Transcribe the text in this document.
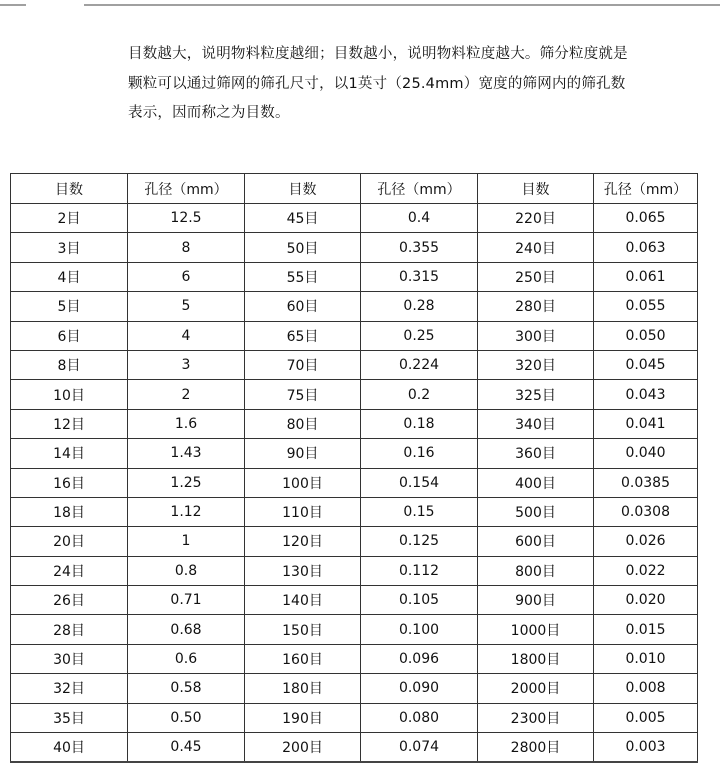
目数越大，说明物料粒度越细；目数越小，说明物料粒度越大。筛分粒度就是

颗粒可以通过筛网的筛孔尺寸，以1英寸（25.4mm）宽度的筛网内的筛孔数

表示，因而称之为目数。

目数	孔径（mm）	目数	孔径（mm）	目数	孔径（mm）
2目	12.5	45目	0.4	220目	0.065
3目	8	50目	0.355	240目	0.063
4目	6	55目	0.315	250目	0.061
5目	5	60目	0.28	280目	0.055
6目	4	65目	0.25	300目	0.050
8目	3	70目	0.224	320目	0.045
10目	2	75目	0.2	325目	0.043
12目	1.6	80目	0.18	340目	0.041
14目	1.43	90目	0.16	360目	0.040
16目	1.25	100目	0.154	400目	0.0385
18目	1.12	110目	0.15	500目	0.0308
20目	1	120目	0.125	600目	0.026
24目	0.8	130目	0.112	800目	0.022
26目	0.71	140目	0.105	900目	0.020
28目	0.68	150目	0.100	1000目	0.015
30目	0.6	160目	0.096	1800目	0.010
32目	0.58	180目	0.090	2000目	0.008
35目	0.50	190目	0.080	2300目	0.005
40目	0.45	200目	0.074	2800目	0.003
